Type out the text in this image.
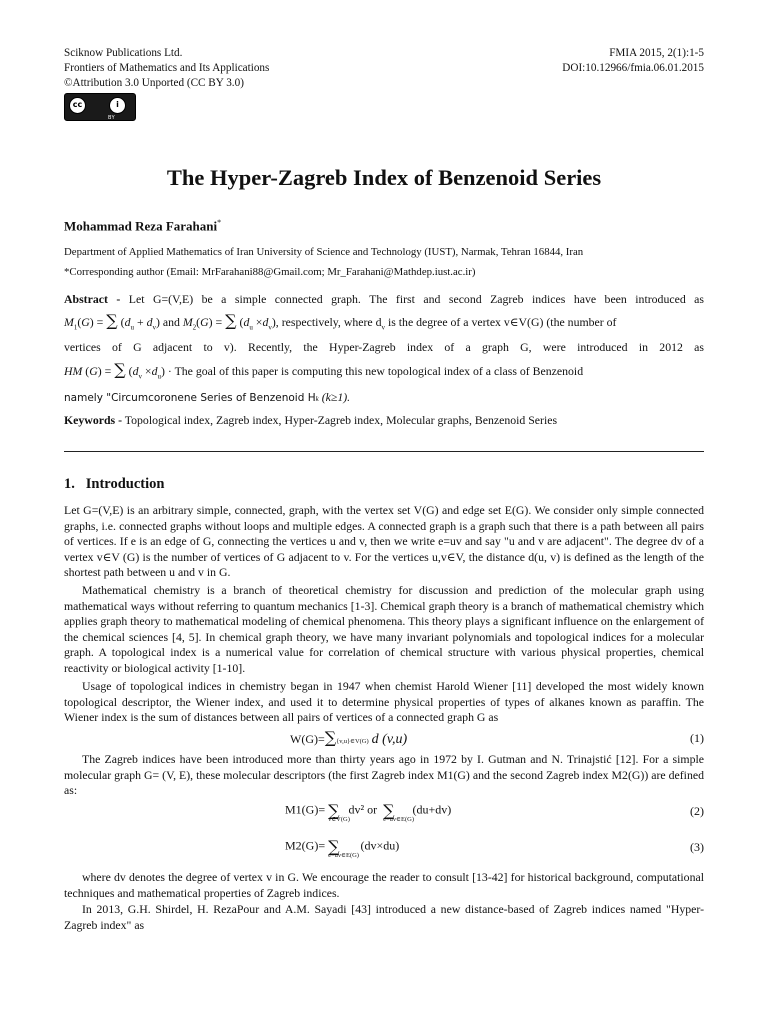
Sciknow Publications Ltd.
Frontiers of Mathematics and Its Applications
©Attribution 3.0 Unported (CC BY 3.0)
FMIA 2015, 2(1):1-5
DOI:10.12966/fmia.06.01.2015
cc	i
BY
The Hyper-Zagreb Index of Benzenoid Series
Mohammad Reza Farahani*
Department of Applied Mathematics of Iran University of Science and Technology (IUST), Narmak, Tehran 16844, Iran
*Corresponding author (Email: MrFarahani88@Gmail.com; Mr_Farahani@Mathdep.iust.ac.ir)
Abstract - Let G=(V,E) be a simple connected graph. The first and second Zagreb indices have been introduced as
$M_1(G)$ = ∑ $(d_u + d_v)$ and $M_2(G)$ = ∑ $(d_u \times d_v)$, respectively, where $d_v$ is the degree of a vertex v∈V(G) (the number of
vertices of G adjacent to v). Recently, the Hyper-Zagreb index of a graph G, were introduced in 2012 as
HM (G) = ∑ $(d_v \times d_u)$ · The goal of this paper is computing this new topological index of a class of Benzenoid
namely "Circumcoronene Series of Benzenoid Hk (k≥1).
Keywords - Topological index, Zagreb index, Hyper-Zagreb index, Molecular graphs, Benzenoid Series
1. Introduction
Let G=(V,E) is an arbitrary simple, connected, graph, with the vertex set V(G) and edge set E(G). We consider only simple connected graphs, i.e. connected graphs without loops and multiple edges. A connected graph is a graph such that there is a path between all pairs of vertices. If e is an edge of G, connecting the vertices u and v, then we write e=uv and say "u and v are adjacent". The degree dv of a vertex v∈V (G) is the number of vertices of G adjacent to v. For the vertices u,v∈V, the distance d(u, v) is defined as the length of the shortest path between u and v in G.
Mathematical chemistry is a branch of theoretical chemistry for discussion and prediction of the molecular graph using mathematical ways without referring to quantum mechanics [1-3]. Chemical graph theory is a branch of mathematical chemistry which applies graph theory to mathematical modeling of chemical phenomena. This theory plays a significant influence on the enlargement of the chemical sciences [4, 5]. In chemical graph theory, we have many invariant polynomials and topological indices for a molecular graph. A topological index is a numerical value for correlation of chemical structure with various physical properties, chemical reactivity or biological activity [1-10].
Usage of topological indices in chemistry began in 1947 when chemist Harold Wiener [11] developed the most widely known topological descriptor, the Wiener index, and used it to determine physical properties of types of alkanes known as paraffin. The Wiener index is the sum of distances between all pairs of vertices of a connected graph G as
W(G)=∑{v,u}∈V(G) d (v,u)	(1)
The Zagreb indices have been introduced more than thirty years ago in 1972 by I. Gutman and N. Trinajstić [12]. For a simple molecular graph G= (V, E), these molecular descriptors (the first Zagreb index M1(G) and the second Zagreb index M2(G)) are defined as:
M1(G)= ∑
v∈V(G)
dv² or ∑
e=uv∈E(G)
(du+dv)	(2)
M2(G)= ∑
e=uv∈E(G)
(dv×du)	(3)
where dv denotes the degree of vertex v in G. We encourage the reader to consult [13-42] for historical background, computational techniques and mathematical properties of Zagreb indices.
In 2013, G.H. Shirdel, H. RezaPour and A.M. Sayadi [43] introduced a new distance-based of Zagreb indices named "Hyper-Zagreb index" as
